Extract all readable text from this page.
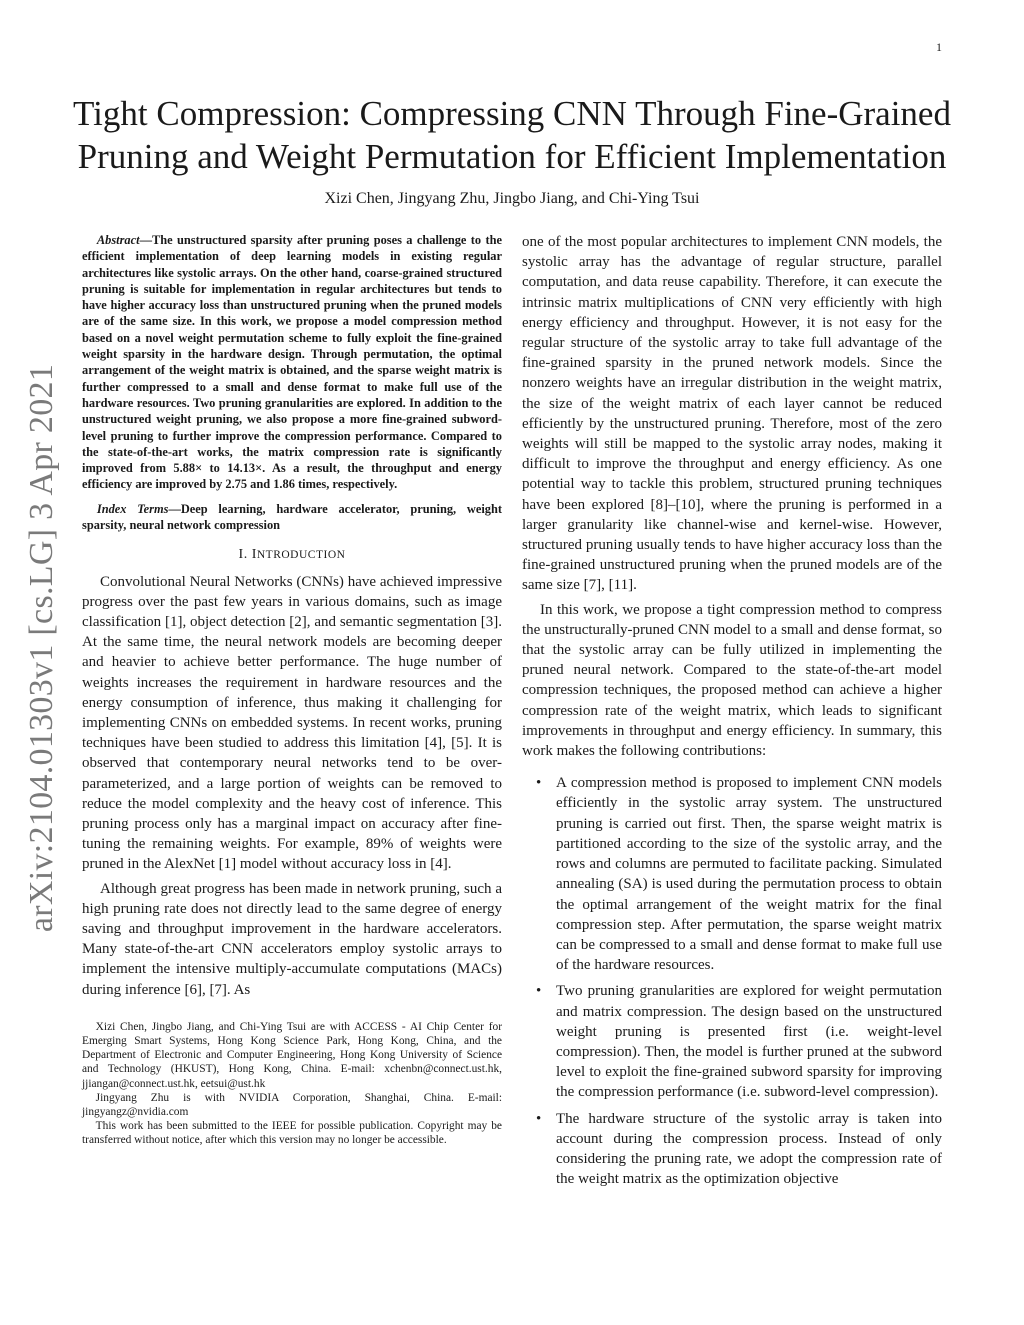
1
arXiv:2104.01303v1 [cs.LG] 3 Apr 2021
Tight Compression: Compressing CNN Through Fine-Grained
Pruning and Weight Permutation for Efficient Implementation
Xizi Chen, Jingyang Zhu, Jingbo Jiang, and Chi-Ying Tsui

Abstract—The unstructured sparsity after pruning poses a challenge to the efficient implementation of deep learning models in existing regular architectures like systolic arrays. On the other hand, coarse-grained structured pruning is suitable for implementation in regular architectures but tends to have higher accuracy loss than unstructured pruning when the pruned models are of the same size. In this work, we propose a model compression method based on a novel weight permutation scheme to fully exploit the fine-grained weight sparsity in the hardware design. Through permutation, the optimal arrangement of the weight matrix is obtained, and the sparse weight matrix is further compressed to a small and dense format to make full use of the hardware resources. Two pruning granularities are explored. In addition to the unstructured weight pruning, we also propose a more fine-grained subword-level pruning to further improve the compression performance. Compared to the state-of-the-art works, the matrix compression rate is significantly improved from 5.88× to 14.13×. As a result, the throughput and energy efficiency are improved by 2.75 and 1.86 times, respectively.

Index Terms—Deep learning, hardware accelerator, pruning, weight sparsity, neural network compression

I. INTRODUCTION

Convolutional Neural Networks (CNNs) have achieved impressive progress over the past few years in various domains, such as image classification [1], object detection [2], and semantic segmentation [3]. At the same time, the neural network models are becoming deeper and heavier to achieve better performance. The huge number of weights increases the requirement in hardware resources and the energy consumption of inference, thus making it challenging for implementing CNNs on embedded systems. In recent works, pruning techniques have been studied to address this limitation [4], [5]. It is observed that contemporary neural networks tend to be over-parameterized, and a large portion of weights can be removed to reduce the model complexity and the heavy cost of inference. This pruning process only has a marginal impact on accuracy after fine-tuning the remaining weights. For example, 89% of weights were pruned in the AlexNet [1] model without accuracy loss in [4].

Although great progress has been made in network pruning, such a high pruning rate does not directly lead to the same degree of energy saving and throughput improvement in the hardware accelerators. Many state-of-the-art CNN accelerators employ systolic arrays to implement the intensive multiply-accumulate computations (MACs) during inference [6], [7]. As

Xizi Chen, Jingbo Jiang, and Chi-Ying Tsui are with ACCESS - AI Chip Center for Emerging Smart Systems, Hong Kong Science Park, Hong Kong, China, and the Department of Electronic and Computer Engineering, Hong Kong University of Science and Technology (HKUST), Hong Kong, China. E-mail: xchenbn@connect.ust.hk, jjiangan@connect.ust.hk, eetsui@ust.hk

Jingyang Zhu is with NVIDIA Corporation, Shanghai, China. E-mail: jingyangz@nvidia.com

This work has been submitted to the IEEE for possible publication. Copyright may be transferred without notice, after which this version may no longer be accessible.

one of the most popular architectures to implement CNN models, the systolic array has the advantage of regular structure, parallel computation, and data reuse capability. Therefore, it can execute the intrinsic matrix multiplications of CNN very efficiently with high energy efficiency and throughput. However, it is not easy for the regular structure of the systolic array to take full advantage of the fine-grained sparsity in the pruned network models. Since the nonzero weights have an irregular distribution in the weight matrix, the size of the weight matrix of each layer cannot be reduced efficiently by the unstructured pruning. Therefore, most of the zero weights will still be mapped to the systolic array nodes, making it difficult to improve the throughput and energy efficiency. As one potential way to tackle this problem, structured pruning techniques have been explored [8]–[10], where the pruning is performed in a larger granularity like channel-wise and kernel-wise. However, structured pruning usually tends to have higher accuracy loss than the fine-grained unstructured pruning when the pruned models are of the same size [7], [11].

In this work, we propose a tight compression method to compress the unstructurally-pruned CNN model to a small and dense format, so that the systolic array can be fully utilized in implementing the pruned neural network. Compared to the state-of-the-art model compression techniques, the proposed method can achieve a higher compression rate of the weight matrix, which leads to significant improvements in throughput and energy efficiency. In summary, this work makes the following contributions:

• A compression method is proposed to implement CNN models efficiently in the systolic array system. The unstructured pruning is carried out first. Then, the sparse weight matrix is partitioned according to the size of the systolic array, and the rows and columns are permuted to facilitate packing. Simulated annealing (SA) is used during the permutation process to obtain the optimal arrangement of the weight matrix for the final compression step. After permutation, the sparse weight matrix can be compressed to a small and dense format to make full use of the hardware resources.
• Two pruning granularities are explored for weight permutation and matrix compression. The design based on the unstructured weight pruning is presented first (i.e. weight-level compression). Then, the model is further pruned at the subword level to exploit the fine-grained subword sparsity for improving the compression performance (i.e. subword-level compression).
• The hardware structure of the systolic array is taken into account during the compression process. Instead of only considering the pruning rate, we adopt the compression rate of the weight matrix as the optimization objective
